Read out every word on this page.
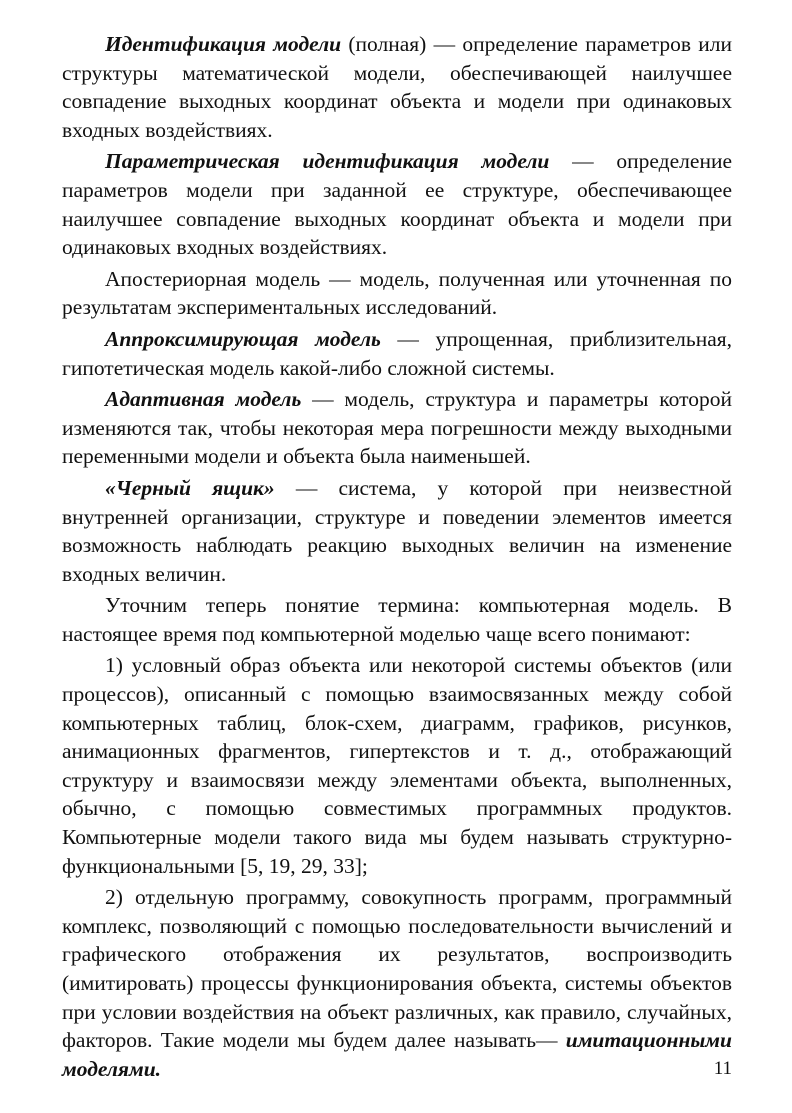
Идентификация модели (полная) — определение параметров или структуры математической модели, обеспечивающей наилучшее совпадение выходных координат объекта и модели при одинаковых входных воздействиях.

Параметрическая идентификация модели — определение параметров модели при заданной ее структуре, обеспечивающее наилучшее совпадение выходных координат объекта и модели при одинаковых входных воздействиях.

Апостериорная модель — модель, полученная или уточненная по результатам экспериментальных исследований.

Аппроксимирующая модель — упрощенная, приблизительная, гипотетическая модель какой-либо сложной системы.

Адаптивная модель — модель, структура и параметры которой изменяются так, чтобы некоторая мера погрешности между выходными переменными модели и объекта была наименьшей.

«Черный ящик» — система, у которой при неизвестной внутренней организации, структуре и поведении элементов имеется возможность наблюдать реакцию выходных величин на изменение входных величин.

Уточним теперь понятие термина: компьютерная модель. В настоящее время под компьютерной моделью чаще всего понимают:

1) условный образ объекта или некоторой системы объектов (или процессов), описанный с помощью взаимосвязанных между собой компьютерных таблиц, блок-схем, диаграмм, графиков, рисунков, анимационных фрагментов, гипертекстов и т. д., отображающий структуру и взаимосвязи между элементами объекта, выполненных, обычно, с помощью совместимых программных продуктов. Компьютерные модели такого вида мы будем называть структурно-функциональными [5, 19, 29, 33];

2) отдельную программу, совокупность программ, программный комплекс, позволяющий с помощью последовательности вычислений и графического отображения их результатов, воспроизводить (имитировать) процессы функционирования объекта, системы объектов при условии воздействия на объект различных, как правило, случайных, факторов. Такие модели мы будем далее называть— имитационными моделями.	11
